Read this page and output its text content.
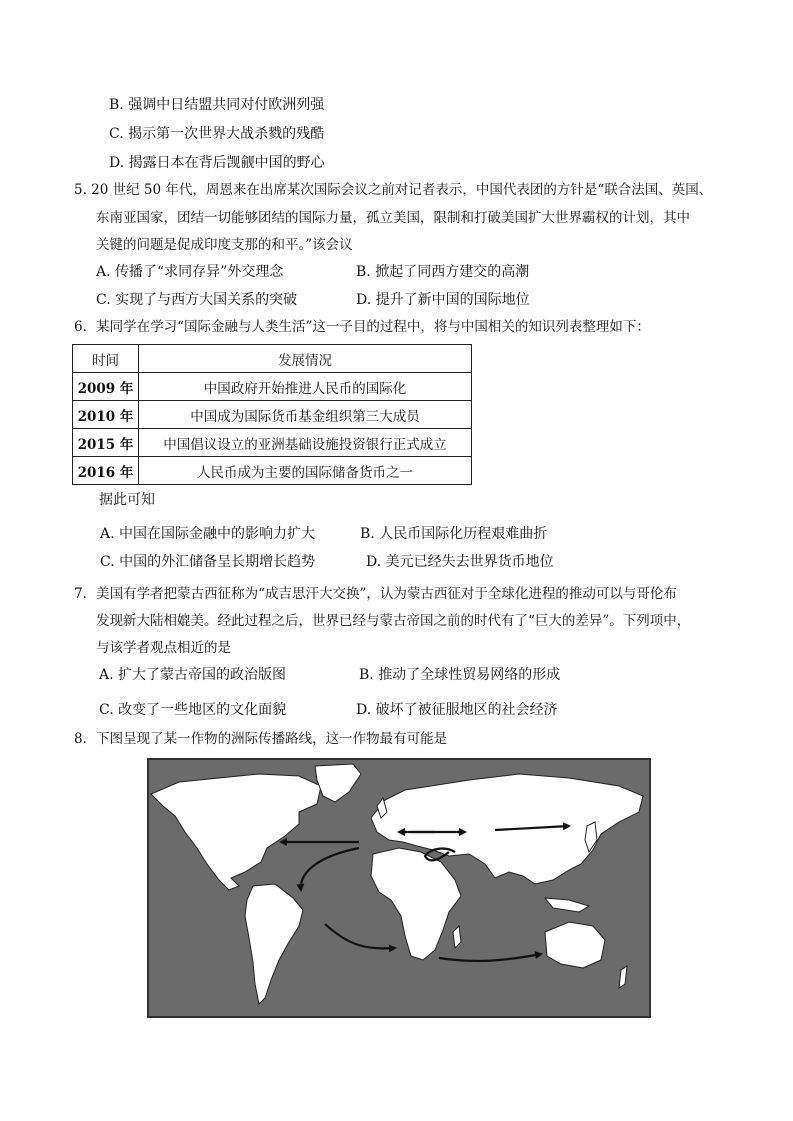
B. 强调中日结盟共同对付欧洲列强
C. 揭示第一次世界大战杀戮的残酷
D. 揭露日本在背后觊觎中国的野心
5. 20 世纪 50 年代，周恩来在出席某次国际会议之前对记者表示，中国代表团的方针是“联合法国、英国、
东南亚国家，团结一切能够团结的国际力量，孤立美国，限制和打破美国扩大世界霸权的计划，其中
关键的问题是促成印度支那的和平。”该会议
A. 传播了“求同存异”外交理念	B. 掀起了同西方建交的高潮
C. 实现了与西方大国关系的突破	D. 提升了新中国的国际地位
6．某同学在学习“国际金融与人类生活”这一子目的过程中，将与中国相关的知识列表整理如下：
时间	发展情况
2009 年	中国政府开始推进人民币的国际化
2010 年	中国成为国际货币基金组织第三大成员
2015 年	中国倡议设立的亚洲基础设施投资银行正式成立
2016 年	人民币成为主要的国际储备货币之一
据此可知
A. 中国在国际金融中的影响力扩大	B. 人民币国际化历程艰难曲折
C. 中国的外汇储备呈长期增长趋势	D. 美元已经失去世界货币地位
7．美国有学者把蒙古西征称为“成吉思汗大交换”，认为蒙古西征对于全球化进程的推动可以与哥伦布
发现新大陆相媲美。经此过程之后，世界已经与蒙古帝国之前的时代有了“巨大的差异”。下列项中，
与该学者观点相近的是
A. 扩大了蒙古帝国的政治版图	B. 推动了全球性贸易网络的形成
C. 改变了一些地区的文化面貌	D. 破坏了被征服地区的社会经济
8．下图呈现了某一作物的洲际传播路线，这一作物最有可能是
